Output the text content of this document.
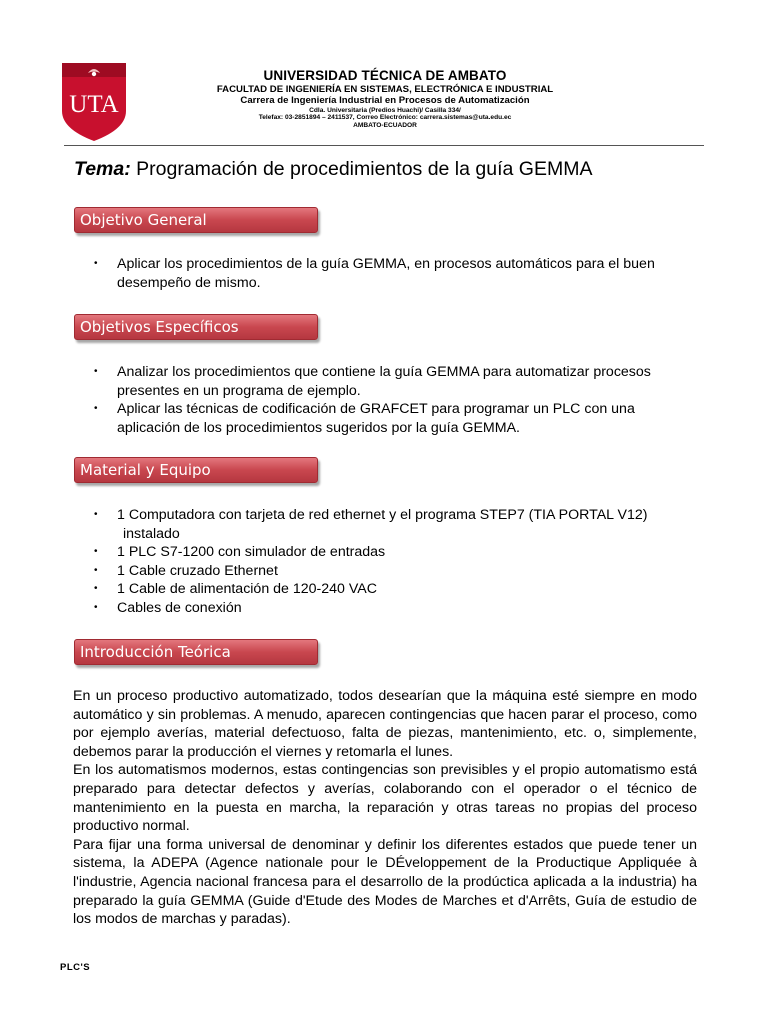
UTA
UNIVERSIDAD TÉCNICA DE AMBATO
FACULTAD DE INGENIERÍA EN SISTEMAS, ELECTRÓNICA E INDUSTRIAL
Carrera de Ingeniería Industrial en Procesos de Automatización
Cdla. Universitaria (Predios Huachi)/ Casilla 334/
Telefax: 03-2851894 – 2411537, Correo Electrónico: carrera.sistemas@uta.edu.ec
AMBATO-ECUADOR
Tema: Programación de procedimientos de la guía GEMMA
Objetivo General
• Aplicar los procedimientos de la guía GEMMA, en procesos automáticos para el buen desempeño de mismo.
Objetivos Específicos
• Analizar los procedimientos que contiene la guía GEMMA para automatizar procesos presentes en un programa de ejemplo.
• Aplicar las técnicas de codificación de GRAFCET para programar un PLC con una aplicación de los procedimientos sugeridos por la guía GEMMA.
Material y Equipo
• 1 Computadora con tarjeta de red ethernet y el programa STEP7 (TIA PORTAL V12)
instalado
• 1 PLC S7-1200 con simulador de entradas
• 1 Cable cruzado Ethernet
• 1 Cable de alimentación de 120-240 VAC
• Cables de conexión
Introducción Teórica

En un proceso productivo automatizado, todos desearían que la máquina esté siempre en modo automático y sin problemas. A menudo, aparecen contingencias que hacen parar el proceso, como por ejemplo averías, material defectuoso, falta de piezas, mantenimiento, etc. o, simplemente, debemos parar la producción el viernes y retomarla el lunes.

En los automatismos modernos, estas contingencias son previsibles y el propio automatismo está preparado para detectar defectos y averías, colaborando con el operador o el técnico de mantenimiento en la puesta en marcha, la reparación y otras tareas no propias del proceso productivo normal.

Para fijar una forma universal de denominar y definir los diferentes estados que puede tener un sistema, la ADEPA (Agence nationale pour le DÉveloppement de la Productique Appliquée à l'industrie, Agencia nacional francesa para el desarrollo de la prodúctica aplicada a la industria) ha preparado la guía GEMMA (Guide d'Etude des Modes de Marches et d'Arrêts, Guía de estudio de los modos de marchas y paradas).

PLC'S
